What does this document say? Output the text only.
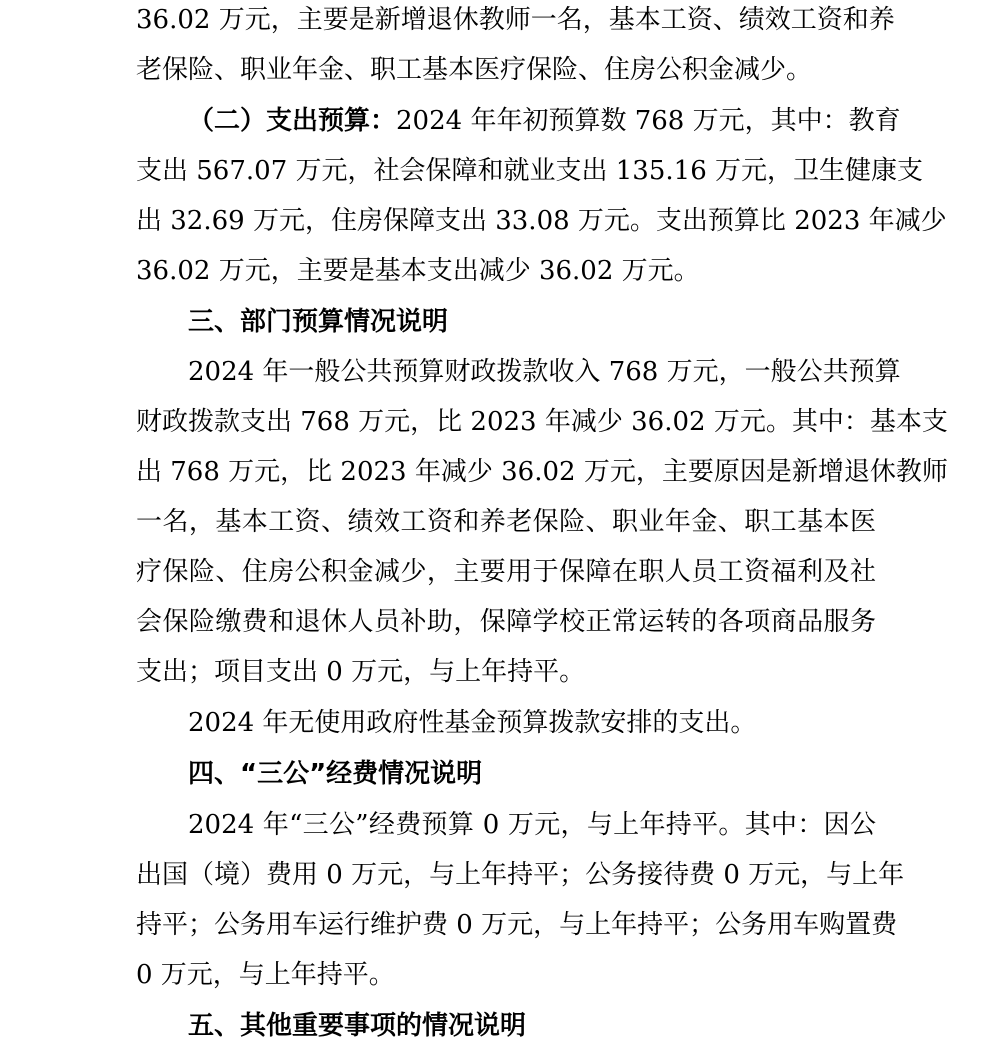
36.02 万元，主要是新增退休教师一名，基本工资、绩效工资和养
老保险、职业年金、职工基本医疗保险、住房公积金减少。
（二）支出预算：2024 年年初预算数 768 万元，其中：教育
支出 567.07 万元，社会保障和就业支出 135.16 万元，卫生健康支
出 32.69 万元，住房保障支出 33.08 万元。支出预算比 2023 年减少
36.02 万元，主要是基本支出减少 36.02 万元。
三、部门预算情况说明
2024 年一般公共预算财政拨款收入 768 万元，一般公共预算
财政拨款支出 768 万元，比 2023 年减少 36.02 万元。其中：基本支
出 768 万元，比 2023 年减少 36.02 万元，主要原因是新增退休教师
一名，基本工资、绩效工资和养老保险、职业年金、职工基本医
疗保险、住房公积金减少，主要用于保障在职人员工资福利及社
会保险缴费和退休人员补助，保障学校正常运转的各项商品服务
支出；项目支出 0 万元，与上年持平。
2024 年无使用政府性基金预算拨款安排的支出。
四、“三公”经费情况说明
2024 年“三公”经费预算 0 万元，与上年持平。其中：因公
出国（境）费用 0 万元，与上年持平；公务接待费 0 万元，与上年
持平；公务用车运行维护费 0 万元，与上年持平；公务用车购置费
0 万元，与上年持平。
五、其他重要事项的情况说明
